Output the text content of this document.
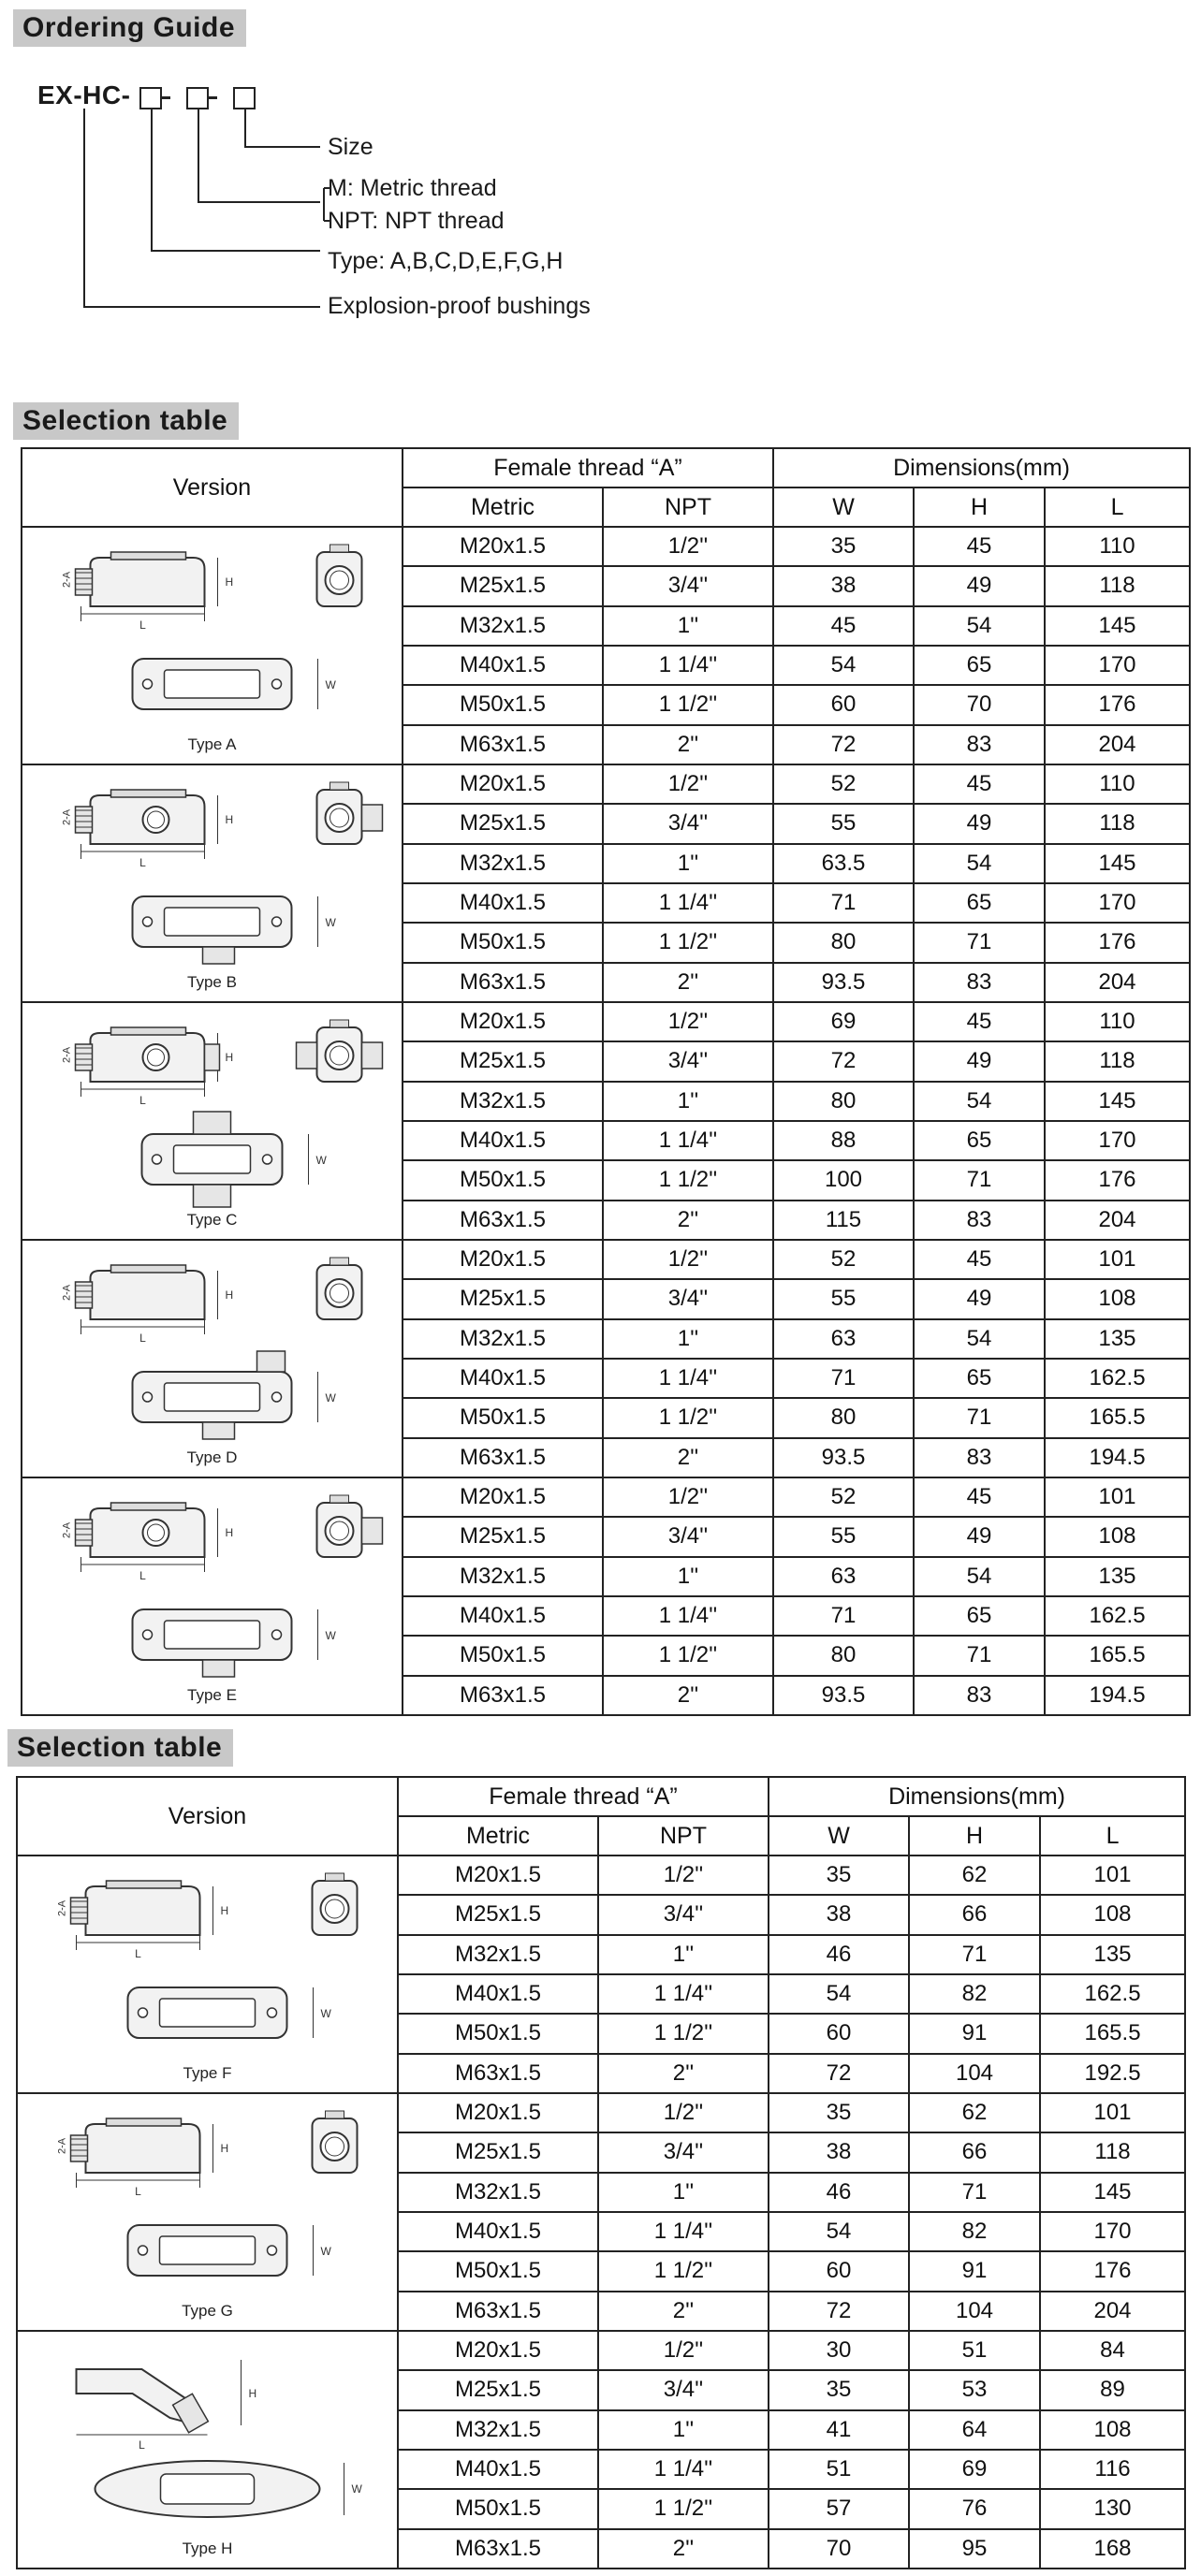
Ordering Guide
EX-HC-
Size
M: Metric thread
NPT: NPT thread
Type: A,B,C,D,E,F,G,H
Explosion-proof bushings
Selection table
Version	Female thread “A”		Dimensions(mm)		
	Metric	NPT	W	H	L

L
H
2-A
W
Type A	M20x1.5	1/2''	35	45	110
	M25x1.5	3/4''	38	49	118
	M32x1.5	1''	45	54	145
	M40x1.5	1 1/4''	54	65	170
	M50x1.5	1 1/2''	60	70	176
	M63x1.5	2''	72	83	204

L
H
2-A
W
Type B	M20x1.5	1/2''	52	45	110
	M25x1.5	3/4''	55	49	118
	M32x1.5	1''	63.5	54	145
	M40x1.5	1 1/4''	71	65	170
	M50x1.5	1 1/2''	80	71	176
	M63x1.5	2''	93.5	83	204

L
H
2-A
W
Type C	M20x1.5	1/2''	69	45	110
	M25x1.5	3/4''	72	49	118
	M32x1.5	1''	80	54	145
	M40x1.5	1 1/4''	88	65	170
	M50x1.5	1 1/2''	100	71	176
	M63x1.5	2''	115	83	204

L
H
2-A
W
Type D	M20x1.5	1/2''	52	45	101
	M25x1.5	3/4''	55	49	108
	M32x1.5	1''	63	54	135
	M40x1.5	1 1/4''	71	65	162.5
	M50x1.5	1 1/2''	80	71	165.5
	M63x1.5	2''	93.5	83	194.5

L
H
2-A
W
Type E	M20x1.5	1/2''	52	45	101
	M25x1.5	3/4''	55	49	108
	M32x1.5	1''	63	54	135
	M40x1.5	1 1/4''	71	65	162.5
	M50x1.5	1 1/2''	80	71	165.5
	M63x1.5	2''	93.5	83	194.5
Selection table
Version	Female thread “A”		Dimensions(mm)		
	Metric	NPT	W	H	L

L
H
2-A
W
Type F	M20x1.5	1/2''	35	62	101
	M25x1.5	3/4''	38	66	108
	M32x1.5	1''	46	71	135
	M40x1.5	1 1/4''	54	82	162.5
	M50x1.5	1 1/2''	60	91	165.5
	M63x1.5	2''	72	104	192.5

L
H
2-A
W
Type G	M20x1.5	1/2''	35	62	101
	M25x1.5	3/4''	38	66	118
	M32x1.5	1''	46	71	145
	M40x1.5	1 1/4''	54	82	170
	M50x1.5	1 1/2''	60	91	176
	M63x1.5	2''	72	104	204

L
H
W
Type H	M20x1.5	1/2''	30	51	84
	M25x1.5	3/4''	35	53	89
	M32x1.5	1''	41	64	108
	M40x1.5	1 1/4''	51	69	116
	M50x1.5	1 1/2''	57	76	130
	M63x1.5	2''	70	95	168
